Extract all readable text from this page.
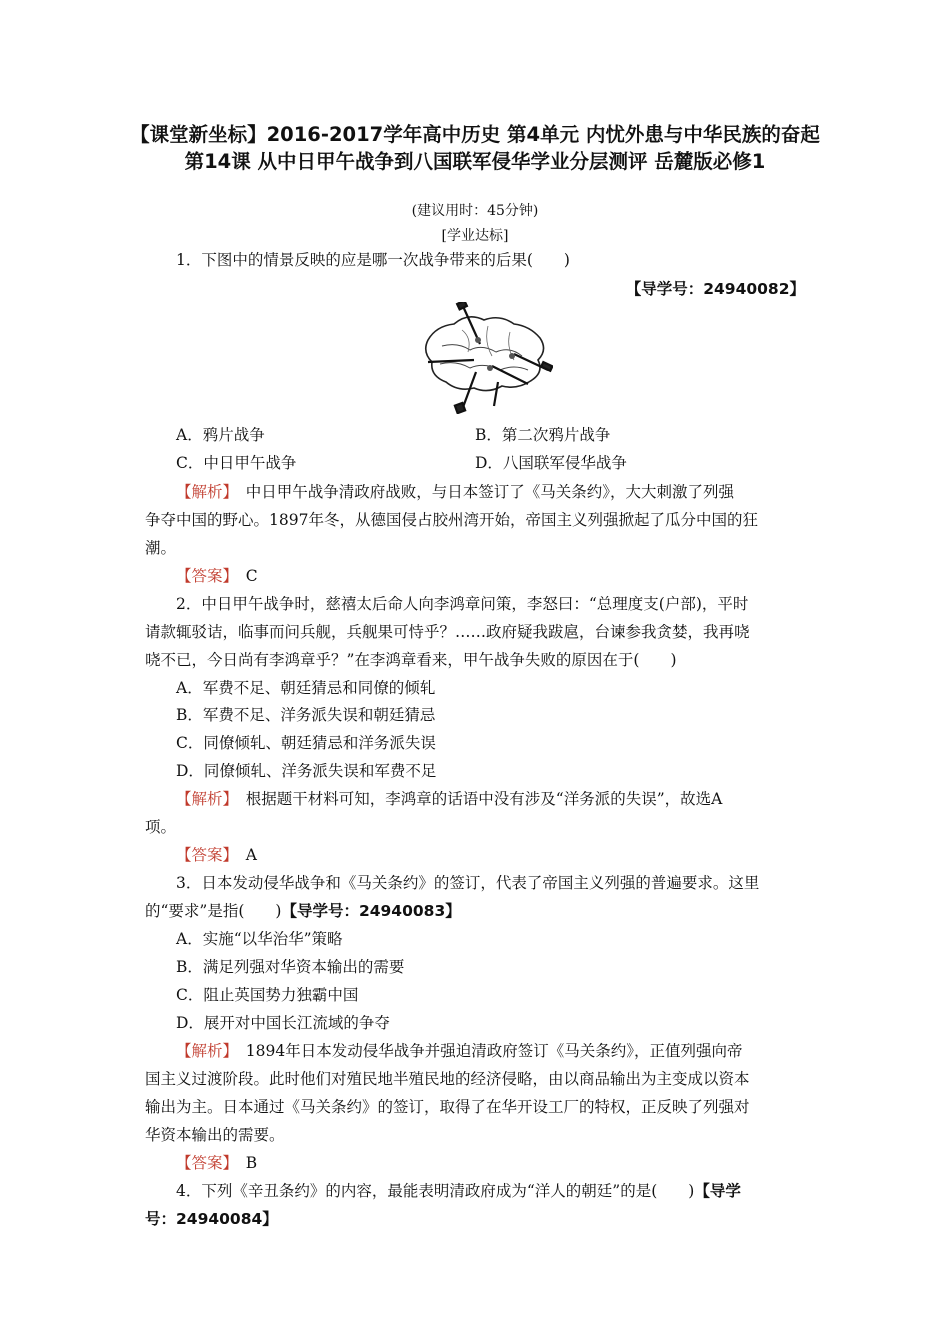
【课堂新坐标】2016-2017学年高中历史 第4单元 内忧外患与中华民族的奋起 第14课 从中日甲午战争到八国联军侵华学业分层测评 岳麓版必修1
(建议用时：45分钟)
[学业达标]
1．下图中的情景反映的应是哪一次战争带来的后果(　　)
【导学号：24940082】
A．鸦片战争	B．第二次鸦片战争
C．中日甲午战争	D．八国联军侵华战争
【解析】　中日甲午战争清政府战败，与日本签订了《马关条约》，大大刺激了列强
争夺中国的野心。1897年冬，从德国侵占胶州湾开始，帝国主义列强掀起了瓜分中国的狂
潮。
【答案】　C
2．中日甲午战争时，慈禧太后命人向李鸿章问策，李怒曰：“总理度支(户部)，平时
请款辄驳诘，临事而问兵舰，兵舰果可恃乎？……政府疑我跋扈，台谏参我贪婪，我再哓
哓不已，今日尚有李鸿章乎？”在李鸿章看来，甲午战争失败的原因在于(　　)
A．军费不足、朝廷猜忌和同僚的倾轧
B．军费不足、洋务派失误和朝廷猜忌
C．同僚倾轧、朝廷猜忌和洋务派失误
D．同僚倾轧、洋务派失误和军费不足
【解析】　根据题干材料可知，李鸿章的话语中没有涉及“洋务派的失误”，故选A
项。
【答案】　A
3．日本发动侵华战争和《马关条约》的签订，代表了帝国主义列强的普遍要求。这里
的“要求”是指(　　)【导学号：24940083】
A．实施“以华治华”策略
B．满足列强对华资本输出的需要
C．阻止英国势力独霸中国
D．展开对中国长江流域的争夺
【解析】　1894年日本发动侵华战争并强迫清政府签订《马关条约》，正值列强向帝
国主义过渡阶段。此时他们对殖民地半殖民地的经济侵略，由以商品输出为主变成以资本
输出为主。日本通过《马关条约》的签订，取得了在华开设工厂的特权，正反映了列强对
华资本输出的需要。
【答案】　B
4．下列《辛丑条约》的内容，最能表明清政府成为“洋人的朝廷”的是(　　)【导学
号：24940084】
